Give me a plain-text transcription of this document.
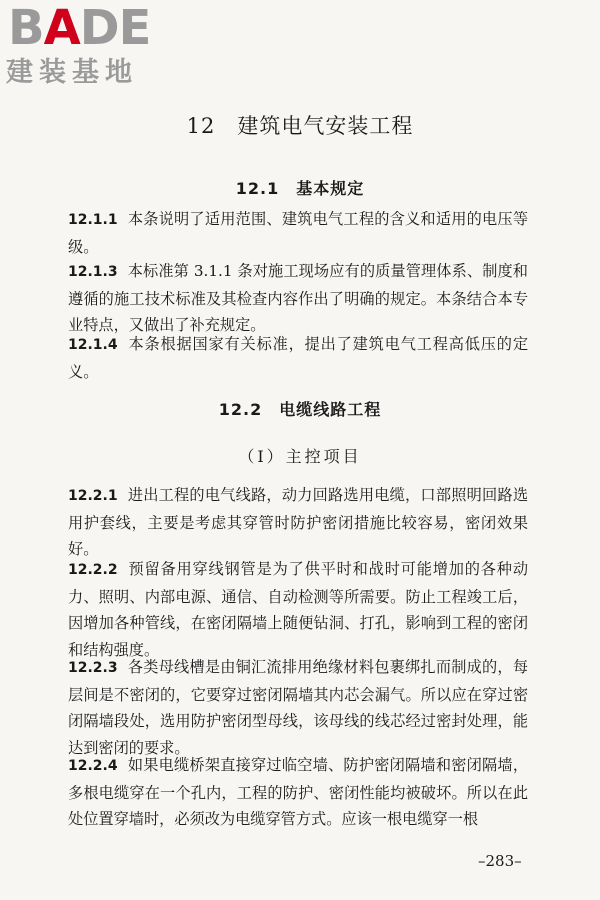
BADE
建装基地
12　建筑电气安装工程
12.1　基本规定

12.1.1 本条说明了适用范围、建筑电气工程的含义和适用的电压等级。

12.1.3 本标准第 3.1.1 条对施工现场应有的质量管理体系、制度和遵循的施工技术标准及其检查内容作出了明确的规定。本条结合本专业特点，又做出了补充规定。

12.1.4 本条根据国家有关标准，提出了建筑电气工程高低压的定义。

12.2　电缆线路工程
（Ⅰ）主控项目

12.2.1 进出工程的电气线路，动力回路选用电缆，口部照明回路选用护套线，主要是考虑其穿管时防护密闭措施比较容易，密闭效果好。

12.2.2 预留备用穿线钢管是为了供平时和战时可能增加的各种动力、照明、内部电源、通信、自动检测等所需要。防止工程竣工后，因增加各种管线，在密闭隔墙上随便钻洞、打孔，影响到工程的密闭和结构强度。

12.2.3 各类母线槽是由铜汇流排用绝缘材料包裹绑扎而制成的，每层间是不密闭的，它要穿过密闭隔墙其内芯会漏气。所以应在穿过密闭隔墙段处，选用防护密闭型母线，该母线的线芯经过密封处理，能达到密闭的要求。

12.2.4 如果电缆桥架直接穿过临空墙、防护密闭隔墙和密闭隔墙，多根电缆穿在一个孔内，工程的防护、密闭性能均被破坏。所以在此处位置穿墙时，必须改为电缆穿管方式。应该一根电缆穿一根

–283–
